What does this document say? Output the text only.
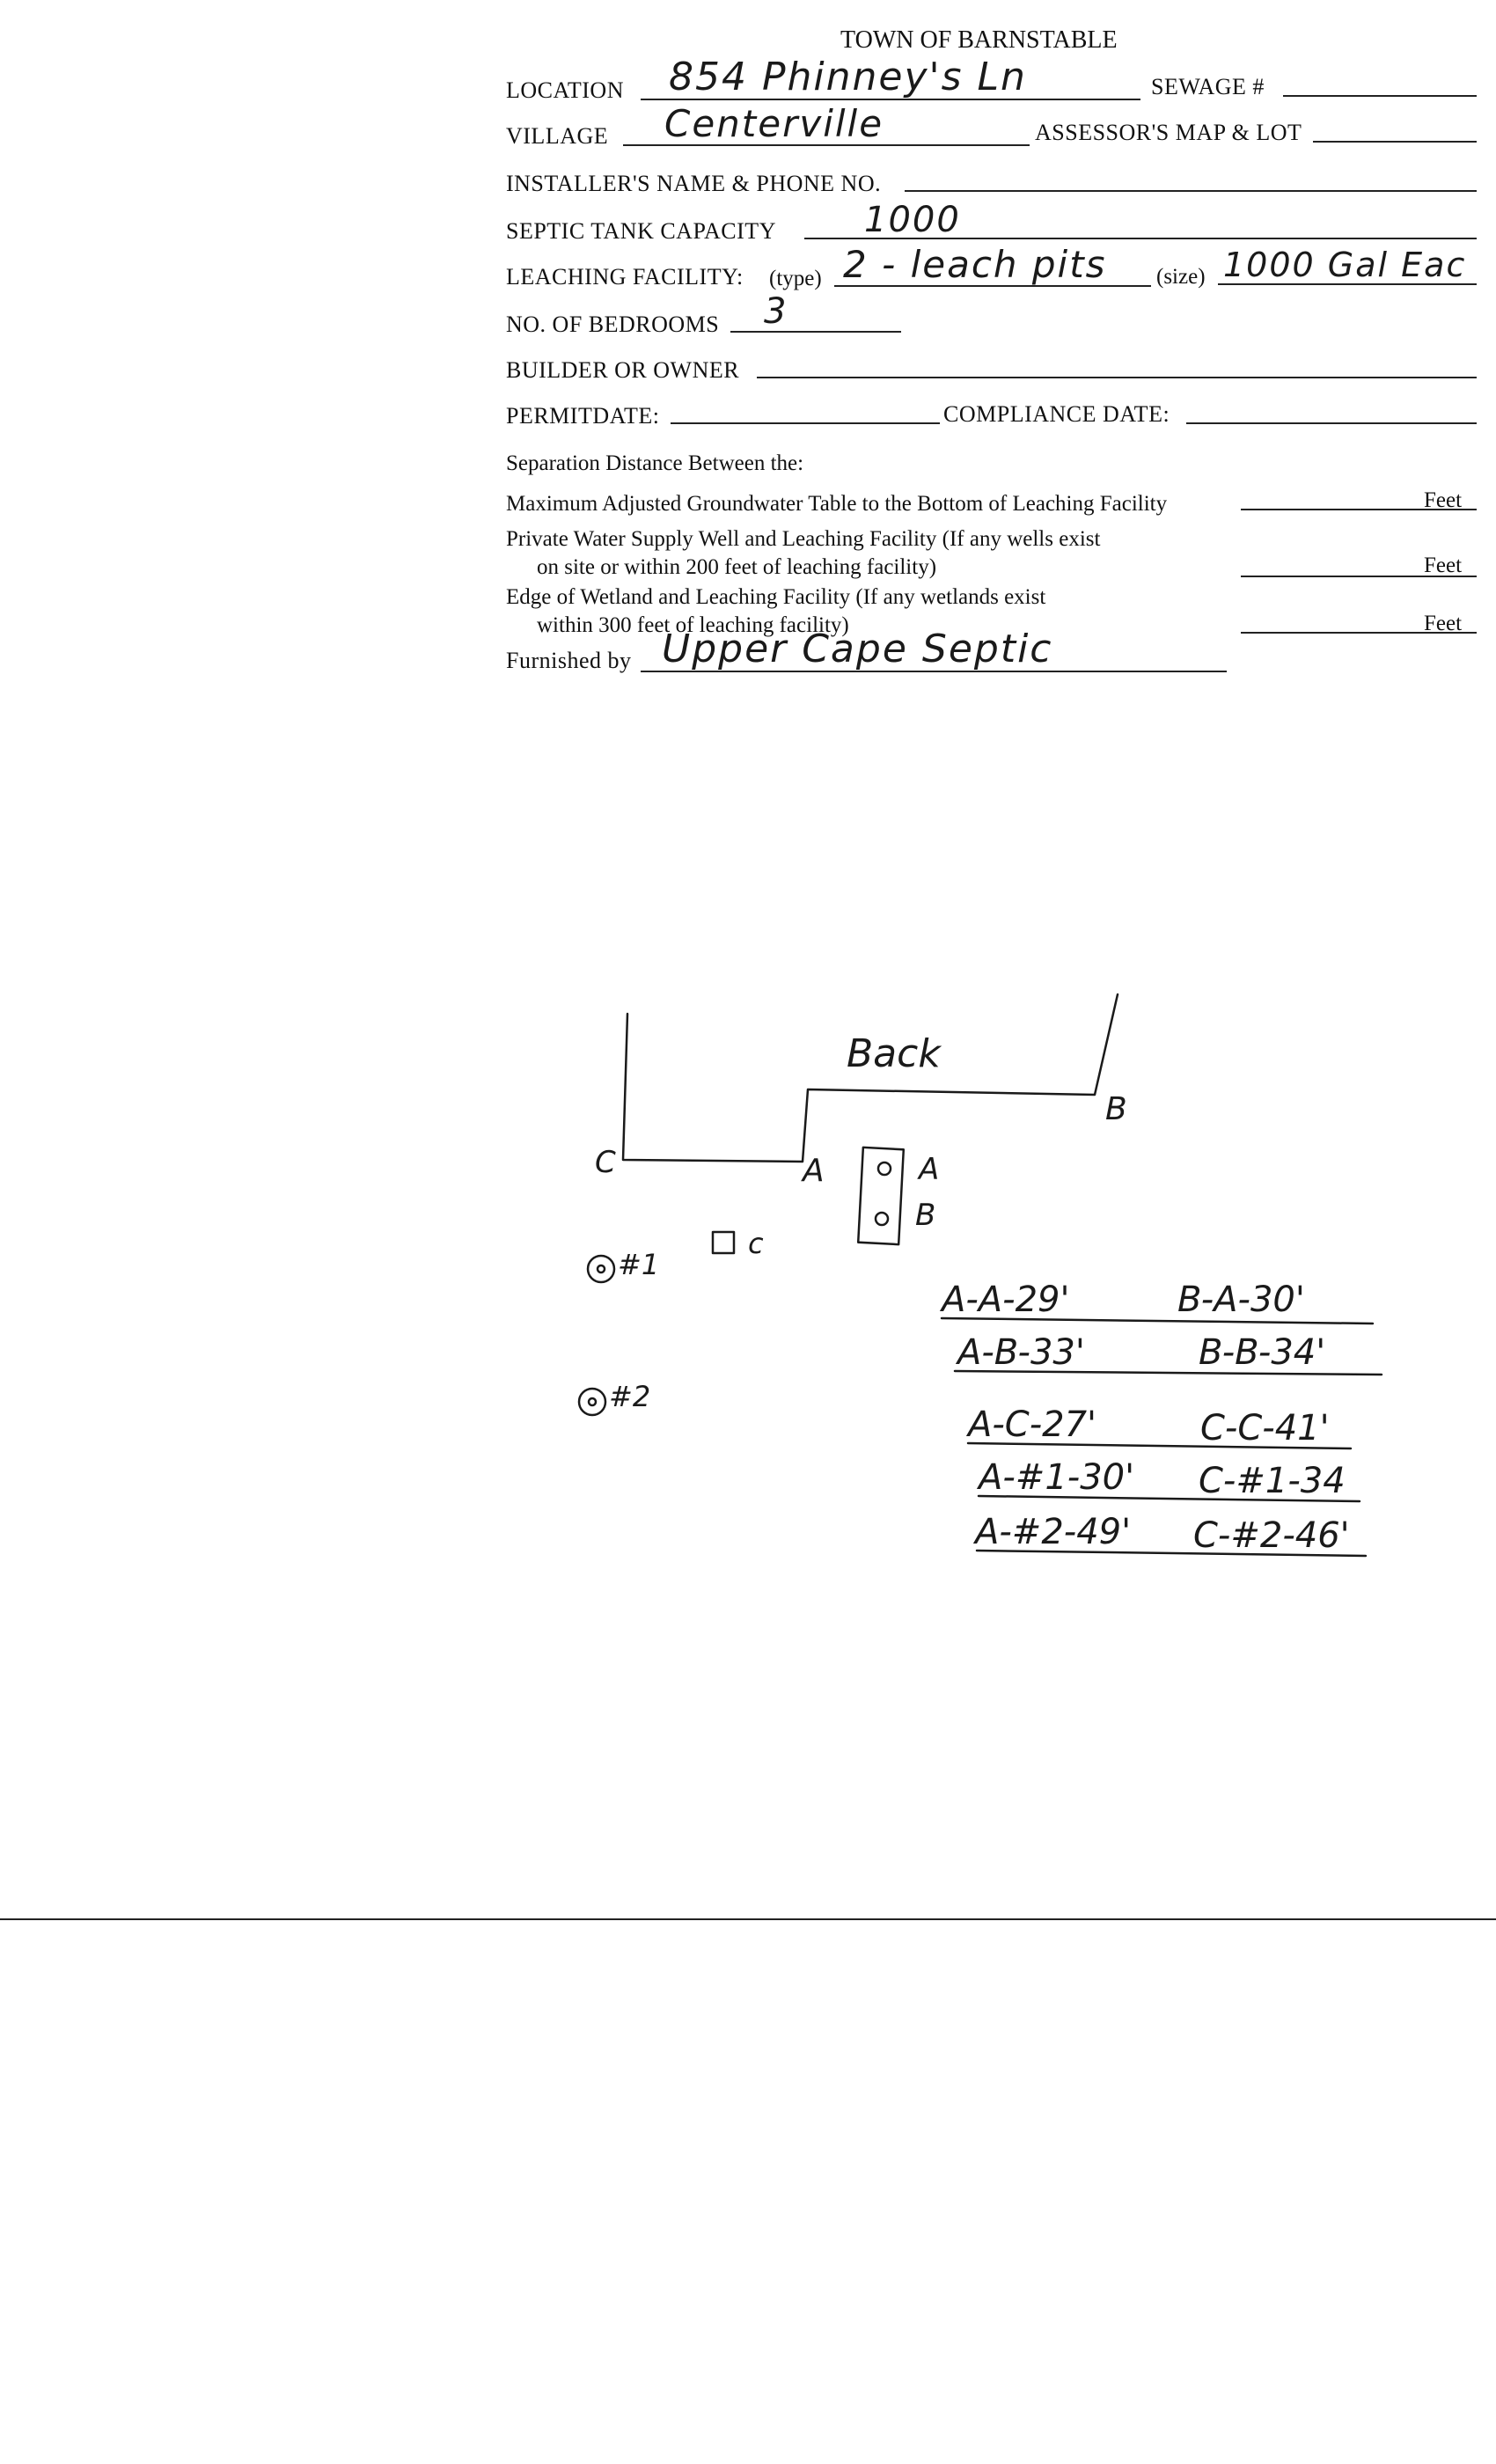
TOWN OF BARNSTABLE
LOCATION 854 Phinney's Ln	SEWAGE #
VILLAGE Centerville	ASSESSOR'S MAP & LOT
INSTALLER'S NAME & PHONE NO.
SEPTIC TANK CAPACITY	1000
LEACHING FACILITY: (type) 2 - leach pits (size) 1000 Gal Eac
NO. OF BEDROOMS 3
BUILDER OR OWNER
PERMITDATE:	COMPLIANCE DATE:
Separation Distance Between the:
Maximum Adjusted Groundwater Table to the Bottom of Leaching Facility	Feet
Private Water Supply Well and Leaching Facility (If any wells exist
on site or within 200 feet of leaching facility)	Feet
Edge of Wetland and Leaching Facility (If any wetlands exist
within 300 feet of leaching facility)	Feet
Furnished by Upper Cape Septic
Back
A
B
C	A
B
c
#1
#2
A-A-29'	B-A-30'
A-B-33'	B-B-34'
A-C-27'	C-C-41'
A-#1-30' C-#1-34
A-#2-49' C-#2-46'
